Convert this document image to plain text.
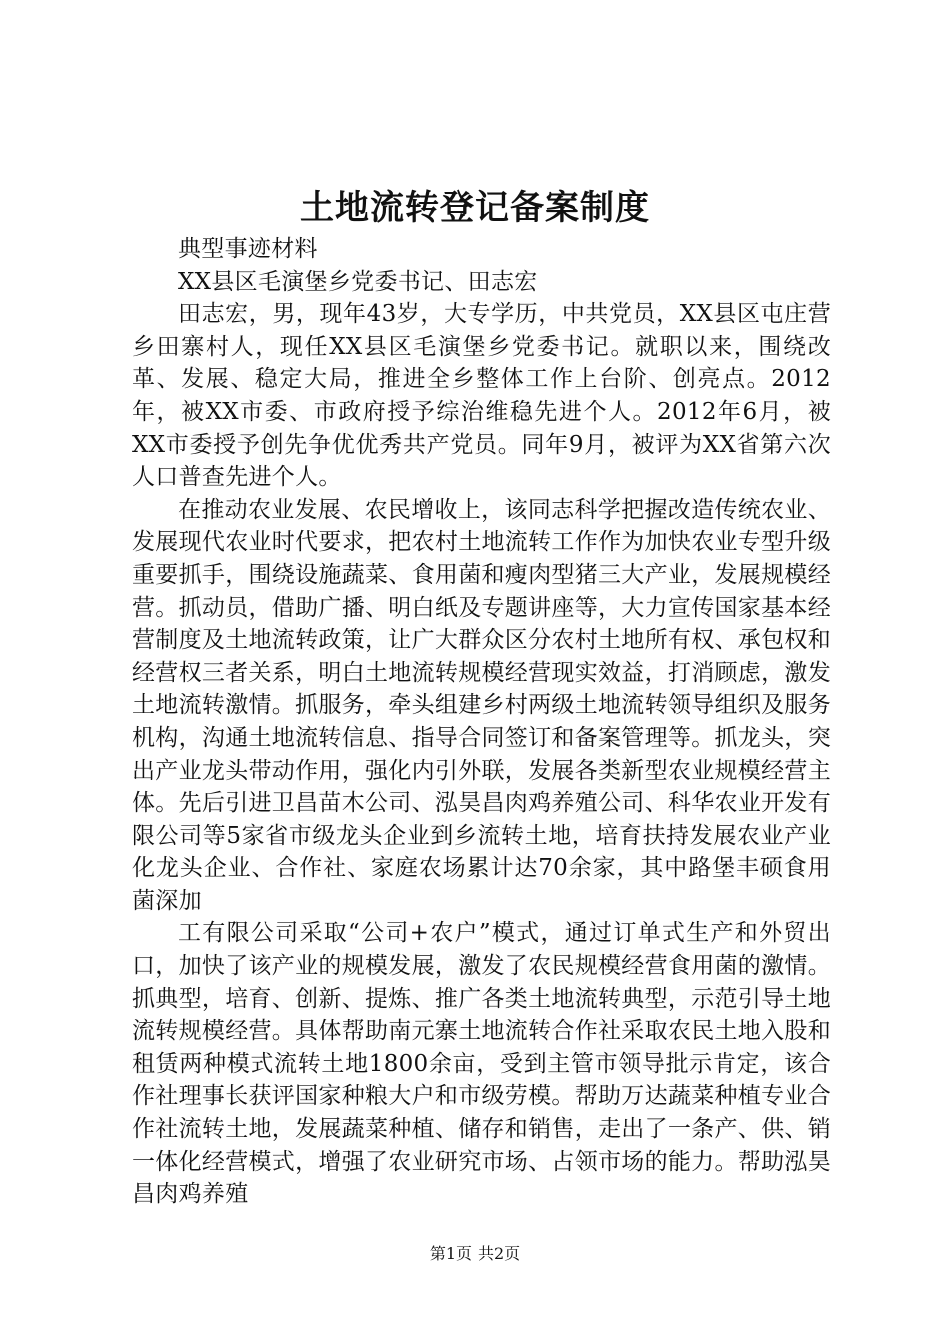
土地流转登记备案制度

典型事迹材料

XX县区毛演堡乡党委书记、田志宏

田志宏，男，现年43岁，大专学历，中共党员，XX县区屯庄营乡田寨村人，现任XX县区毛演堡乡党委书记。就职以来，围绕改革、发展、稳定大局，推进全乡整体工作上台阶、创亮点。2012年，被XX市委、市政府授予综治维稳先进个人。2012年6月，被XX市委授予创先争优优秀共产党员。同年9月，被评为XX省第六次人口普查先进个人。

在推动农业发展、农民增收上，该同志科学把握改造传统农业、发展现代农业时代要求，把农村土地流转工作作为加快农业专型升级重要抓手，围绕设施蔬菜、食用菌和瘦肉型猪三大产业，发展规模经营。抓动员，借助广播、明白纸及专题讲座等，大力宣传国家基本经营制度及土地流转政策，让广大群众区分农村土地所有权、承包权和经营权三者关系，明白土地流转规模经营现实效益，打消顾虑，激发土地流转激情。抓服务，牵头组建乡村两级土地流转领导组织及服务机构，沟通土地流转信息、指导合同签订和备案管理等。抓龙头，突出产业龙头带动作用，强化内引外联，发展各类新型农业规模经营主体。先后引进卫昌苗木公司、泓昊昌肉鸡养殖公司、科华农业开发有限公司等5家省市级龙头企业到乡流转土地，培育扶持发展农业产业化龙头企业、合作社、家庭农场累计达70余家，其中路堡丰硕食用菌深加

工有限公司采取“公司+农户”模式，通过订单式生产和外贸出口，加快了该产业的规模发展，激发了农民规模经营食用菌的激情。抓典型，培育、创新、提炼、推广各类土地流转典型，示范引导土地流转规模经营。具体帮助南元寨土地流转合作社采取农民土地入股和租赁两种模式流转土地1800余亩，受到主管市领导批示肯定，该合作社理事长获评国家种粮大户和市级劳模。帮助万达蔬菜种植专业合作社流转土地，发展蔬菜种植、储存和销售，走出了一条产、供、销一体化经营模式，增强了农业研究市场、占领市场的能力。帮助泓昊昌肉鸡养殖

第1页 共2页
